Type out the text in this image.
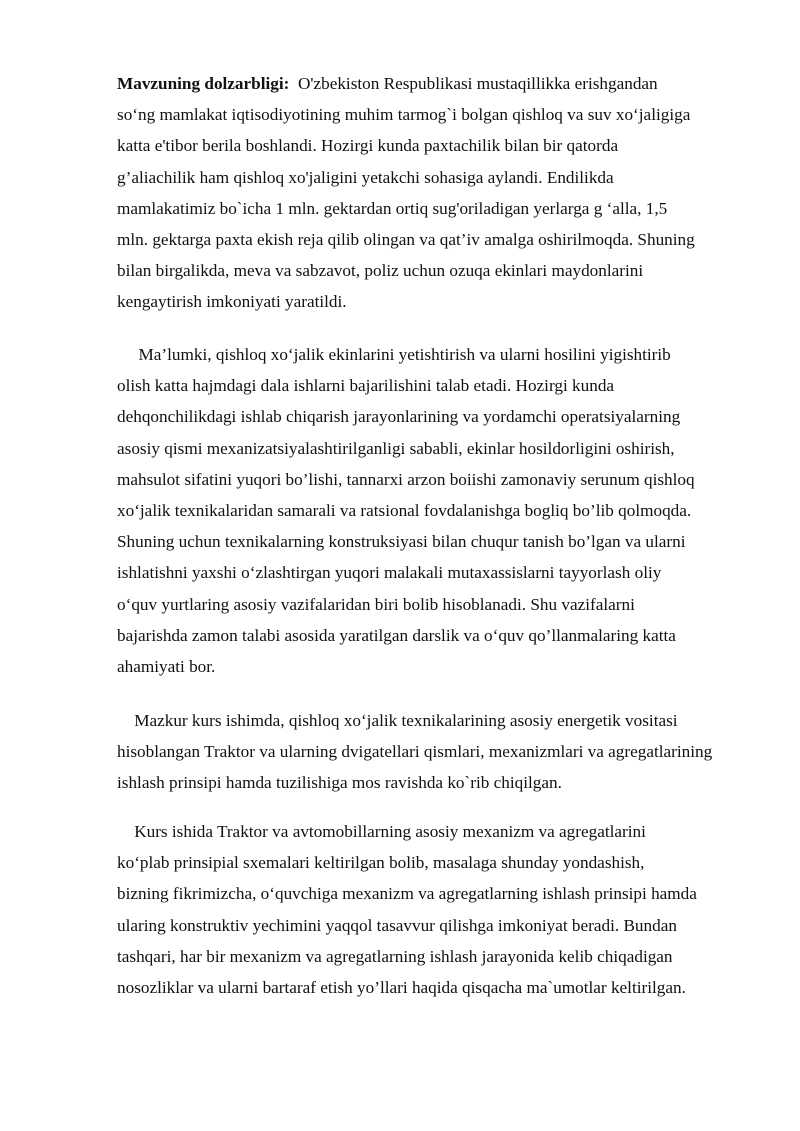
Mavzuning dolzarbligi: O'zbekiston Respublikasi mustaqillikka erishgandan
so‘ng mamlakat iqtisodiyotining muhim tarmog`i bolgan qishloq va suv xo‘jaligiga
katta e'tibor berila boshlandi. Hozirgi kunda paxtachilik bilan bir qatorda
g’aliachilik ham qishloq xo'jaligini yetakchi sohasiga aylandi. Endilikda
mamlakatimiz bo`icha 1 mln. gektardan ortiq sug'oriladigan yerlarga g ‘alla, 1,5
mln. gektarga paxta ekish reja qilib olingan va qat’iv amalga oshirilmoqda. Shuning
bilan birgalikda, meva va sabzavot, poliz uchun ozuqa ekinlari maydonlarini
kengaytirish imkoniyati yaratildi.
Ma’lumki, qishloq xo‘jalik ekinlarini yetishtirish va ularni hosilini yigishtirib
olish katta hajmdagi dala ishlarni bajarilishini talab etadi. Hozirgi kunda
dehqonchilikdagi ishlab chiqarish jarayonlarining va yordamchi operatsiyalarning
asosiy qismi mexanizatsiyalashtirilganligi sababli, ekinlar hosildorligini oshirish,
mahsulot sifatini yuqori bo’lishi, tannarxi arzon boiishi zamonaviy serunum qishloq
xo‘jalik texnikalaridan samarali va ratsional fovdalanishga bogliq bo’lib qolmoqda.
Shuning uchun texnikalarning konstruksiyasi bilan chuqur tanish bo’lgan va ularni
ishlatishni yaxshi o‘zlashtirgan yuqori malakali mutaxassislarni tayyorlash oliy
o‘quv yurtlaring asosiy vazifalaridan biri bolib hisoblanadi. Shu vazifalarni
bajarishda zamon talabi asosida yaratilgan darslik va o‘quv qo’llanmalaring katta
ahamiyati bor.
Mazkur kurs ishimda, qishloq xo‘jalik texnikalarining asosiy energetik vositasi
hisoblangan Traktor va ularning dvigatellari qismlari, mexanizmlari va agregatlarining
ishlash prinsipi hamda tuzilishiga mos ravishda ko`rib chiqilgan.
Kurs ishida Traktor va avtomobillarning asosiy mexanizm va agregatlarini
ko‘plab prinsipial sxemalari keltirilgan bolib, masalaga shunday yondashish,
bizning fikrimizcha, o‘quvchiga mexanizm va agregatlarning ishlash prinsipi hamda
ularing konstruktiv yechimini yaqqol tasavvur qilishga imkoniyat beradi. Bundan
tashqari, har bir mexanizm va agregatlarning ishlash jarayonida kelib chiqadigan
nosozliklar va ularni bartaraf etish yo’llari haqida qisqacha ma`umotlar keltirilgan.
